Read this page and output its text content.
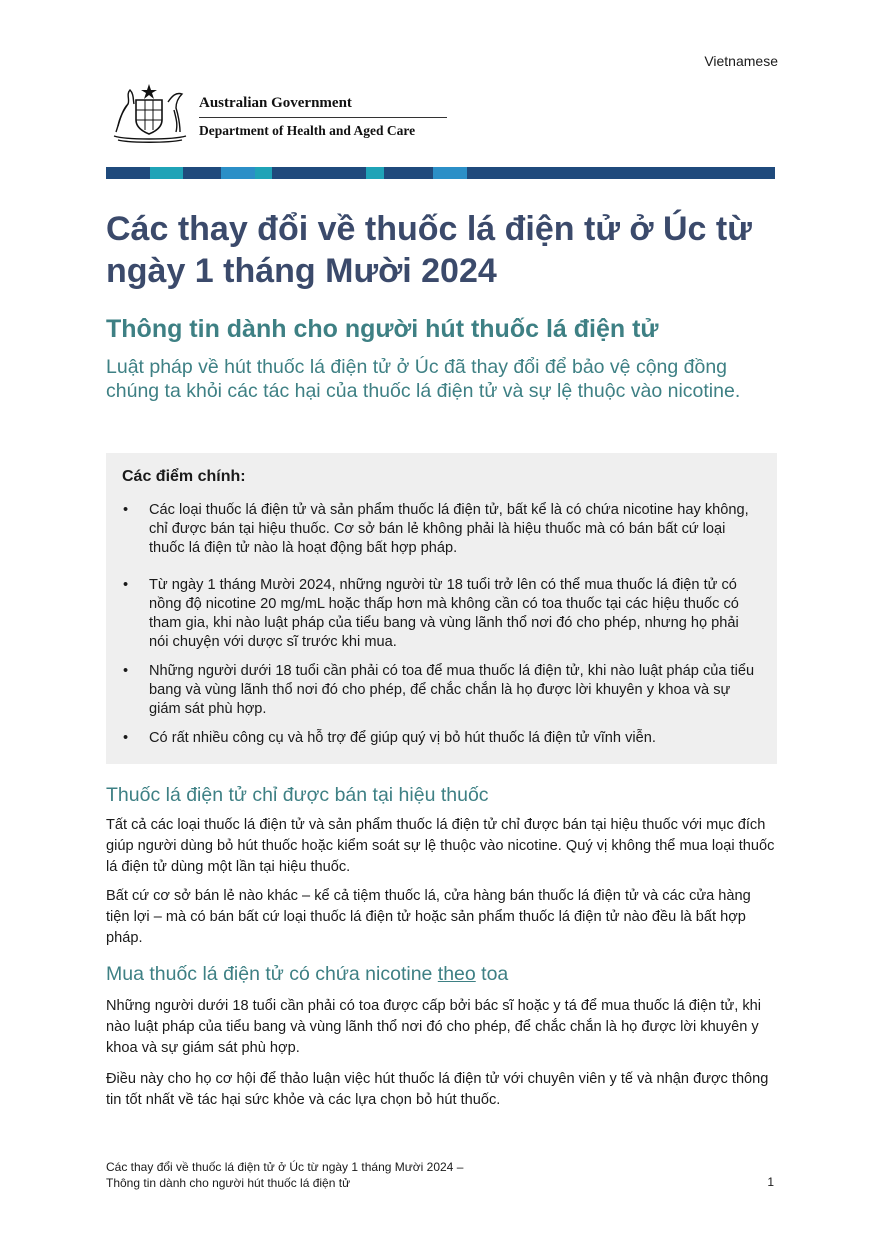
Vietnamese
Australian Government
Department of Health and Aged Care
Các thay đổi về thuốc lá điện tử ở Úc từ ngày 1 tháng Mười 2024
Thông tin dành cho người hút thuốc lá điện tử

Luật pháp về hút thuốc lá điện tử ở Úc đã thay đổi để bảo vệ cộng đồng chúng ta khỏi các tác hại của thuốc lá điện tử và sự lệ thuộc vào nicotine.

Các điểm chính:
• Các loại thuốc lá điện tử và sản phẩm thuốc lá điện tử, bất kể là có chứa nicotine hay không, chỉ được bán tại hiệu thuốc. Cơ sở bán lẻ không phải là hiệu thuốc mà có bán bất cứ loại thuốc lá điện tử nào là hoạt động bất hợp pháp.
• Từ ngày 1 tháng Mười 2024, những người từ 18 tuổi trở lên có thể mua thuốc lá điện tử có nồng độ nicotine 20 mg/mL hoặc thấp hơn mà không cần có toa thuốc tại các hiệu thuốc có tham gia, khi nào luật pháp của tiểu bang và vùng lãnh thổ nơi đó cho phép, nhưng họ phải nói chuyện với dược sĩ trước khi mua.
• Những người dưới 18 tuổi cần phải có toa để mua thuốc lá điện tử, khi nào luật pháp của tiểu bang và vùng lãnh thổ nơi đó cho phép, để chắc chắn là họ được lời khuyên y khoa và sự giám sát phù hợp.
• Có rất nhiều công cụ và hỗ trợ để giúp quý vị bỏ hút thuốc lá điện tử vĩnh viễn.
Thuốc lá điện tử chỉ được bán tại hiệu thuốc

Tất cả các loại thuốc lá điện tử và sản phẩm thuốc lá điện tử chỉ được bán tại hiệu thuốc với mục đích giúp người dùng bỏ hút thuốc hoặc kiểm soát sự lệ thuộc vào nicotine. Quý vị không thể mua loại thuốc lá điện tử dùng một lần tại hiệu thuốc.

Bất cứ cơ sở bán lẻ nào khác – kể cả tiệm thuốc lá, cửa hàng bán thuốc lá điện tử và các cửa hàng tiện lợi – mà có bán bất cứ loại thuốc lá điện tử hoặc sản phẩm thuốc lá điện tử nào đều là bất hợp pháp.

Mua thuốc lá điện tử có chứa nicotine theo toa

Những người dưới 18 tuổi cần phải có toa được cấp bởi bác sĩ hoặc y tá để mua thuốc lá điện tử, khi nào luật pháp của tiểu bang và vùng lãnh thổ nơi đó cho phép, để chắc chắn là họ được lời khuyên y khoa và sự giám sát phù hợp.

Điều này cho họ cơ hội để thảo luận việc hút thuốc lá điện tử với chuyên viên y tế và nhận được thông tin tốt nhất về tác hại sức khỏe và các lựa chọn bỏ hút thuốc.

Các thay đổi về thuốc lá điện tử ở Úc từ ngày 1 tháng Mười 2024 –
Thông tin dành cho người hút thuốc lá điện tử	1
